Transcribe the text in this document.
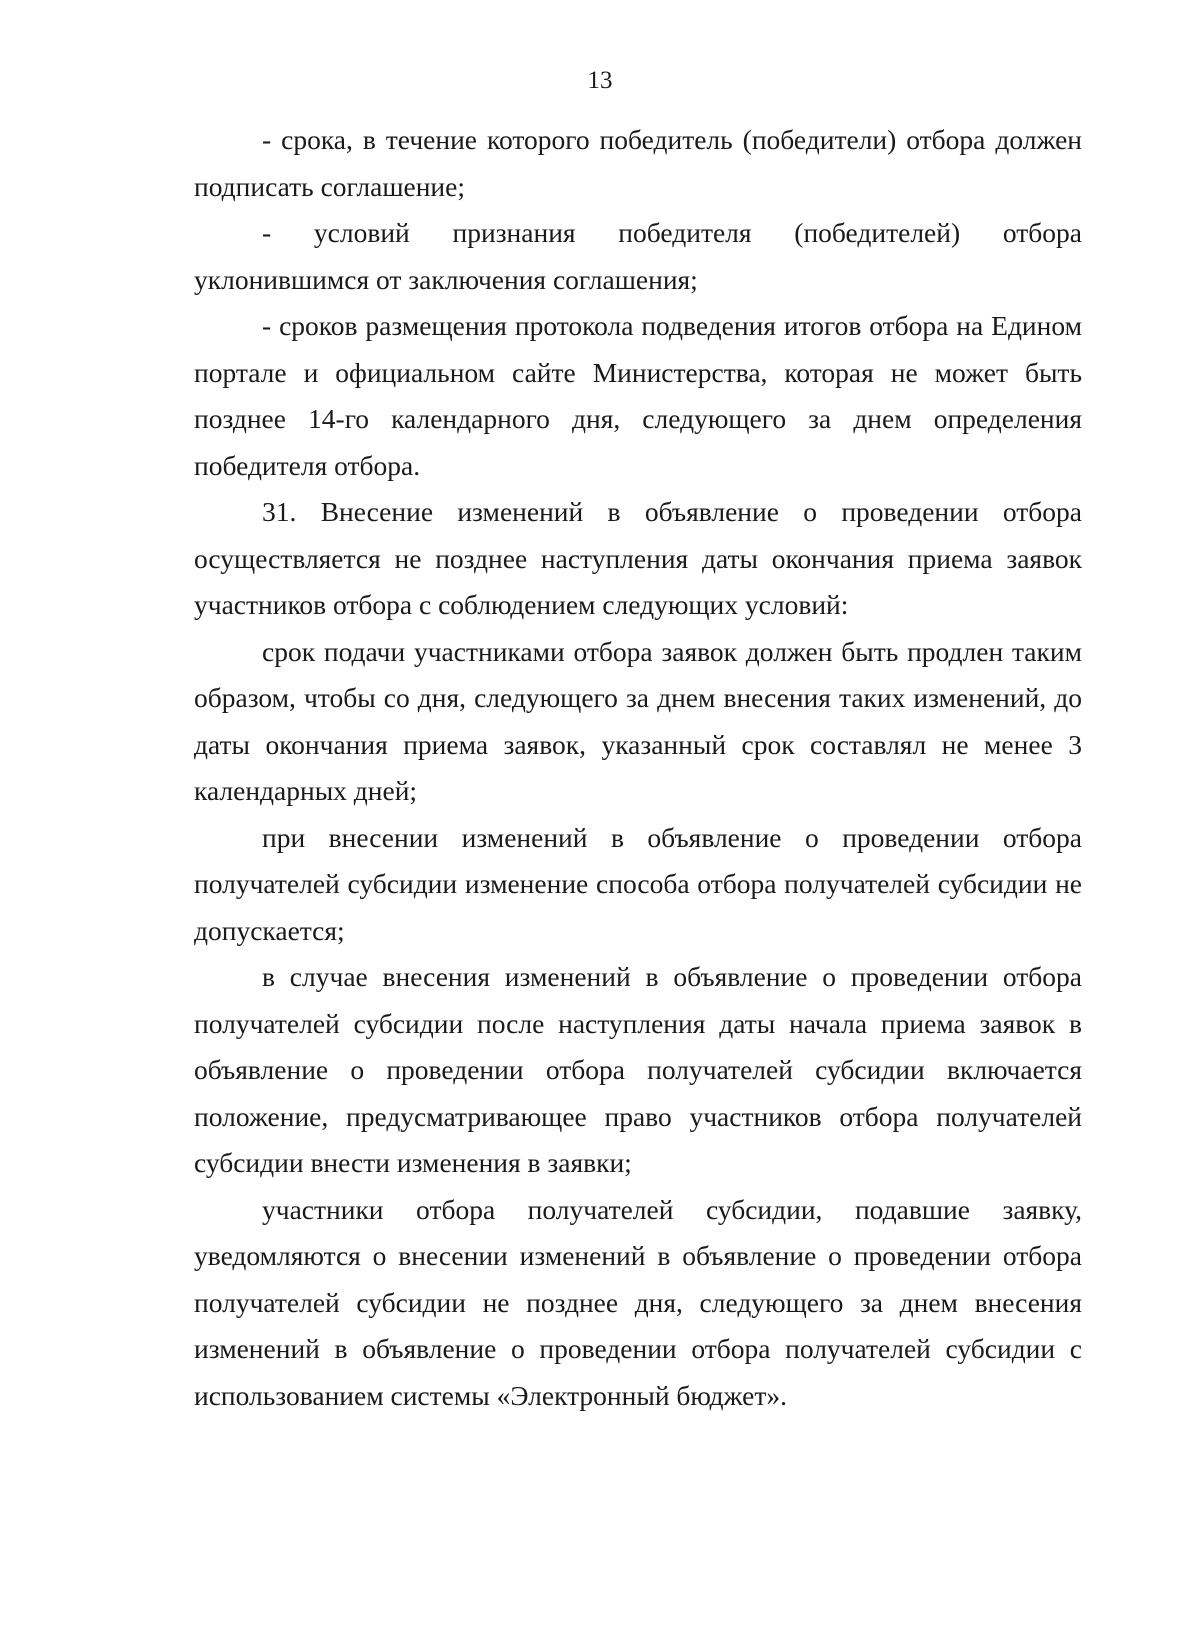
13

- срока, в течение которого победитель (победители) отбора должен подписать соглашение;

- условий признания победителя (победителей) отбора уклонившимся от заключения соглашения;

- сроков размещения протокола подведения итогов отбора на Едином портале и официальном сайте Министерства, которая не может быть позднее 14-го календарного дня, следующего за днем определения победителя отбора.

31. Внесение изменений в объявление о проведении отбора осуществляется не позднее наступления даты окончания приема заявок участников отбора с соблюдением следующих условий:

срок подачи участниками отбора заявок должен быть продлен таким образом, чтобы со дня, следующего за днем внесения таких изменений, до даты окончания приема заявок, указанный срок составлял не менее 3 календарных дней;

при внесении изменений в объявление о проведении отбора получателей субсидии изменение способа отбора получателей субсидии не допускается;

в случае внесения изменений в объявление о проведении отбора получателей субсидии после наступления даты начала приема заявок в объявление о проведении отбора получателей субсидии включается положение, предусматривающее право участников отбора получателей субсидии внести изменения в заявки;

участники отбора получателей субсидии, подавшие заявку, уведомляются о внесении изменений в объявление о проведении отбора получателей субсидии не позднее дня, следующего за днем внесения изменений в объявление о проведении отбора получателей субсидии с использованием системы «Электронный бюджет».
